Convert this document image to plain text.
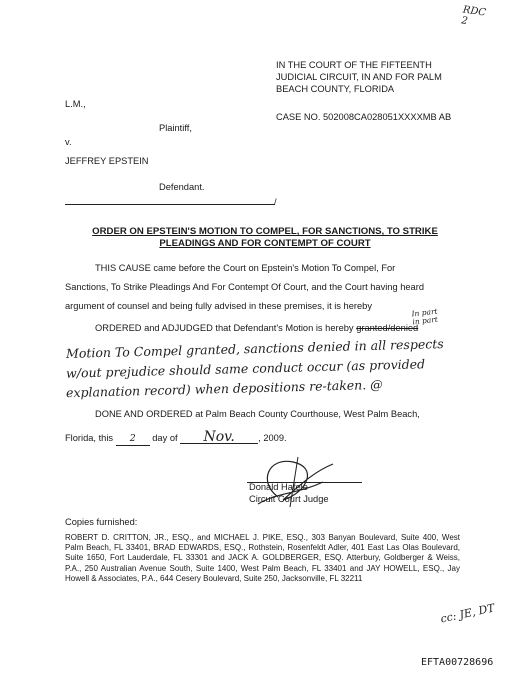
RDC
2
IN THE COURT OF THE FIFTEENTH
JUDICIAL CIRCUIT, IN AND FOR PALM
BEACH COUNTY, FLORIDA
CASE NO. 502008CA028051XXXXMB AB
L.M.,
Plaintiff,
v.
JEFFREY EPSTEIN
Defendant.
/
ORDER ON EPSTEIN'S MOTION TO COMPEL, FOR SANCTIONS, TO STRIKE PLEADINGS AND FOR CONTEMPT OF COURT
THIS CAUSE came before the Court on Epstein's Motion To Compel, For
Sanctions, To Strike Pleadings And For Contempt Of Court, and the Court having heard
argument of counsel and being fully advised in these premises, it is hereby
ORDERED and ADJUDGED that Defendant's Motion is hereby granted/denied
In part
in part
Motion To Compel granted, sanctions denied in all respects
w/out prejudice should same conduct occur (as provided
explanation record) when depositions re-taken. @
DONE AND ORDERED at Palm Beach County Courthouse, West Palm Beach,
Florida, this 2 day of Nov.	, 2009.
Donald Hafele
Circuit Court Judge
Copies furnished:
ROBERT D. CRITTON, JR., ESQ., and MICHAEL J. PIKE, ESQ., 303 Banyan Boulevard, Suite 400, West Palm Beach, FL 33401, BRAD EDWARDS, ESQ., Rothstein, Rosenfeldt Adler, 401 East Las Olas Boulevard, Suite 1650, Fort Lauderdale, FL 33301 and JACK A. GOLDBERGER, ESQ. Atterbury, Goldberger & Weiss, P.A., 250 Australian Avenue South, Suite 1400, West Palm Beach, FL 33401 and JAY HOWELL, ESQ., Jay Howell & Associates, P.A., 644 Cesery Boulevard, Suite 250, Jacksonville, FL 32211
cc: JE, DT
EFTA00728696
